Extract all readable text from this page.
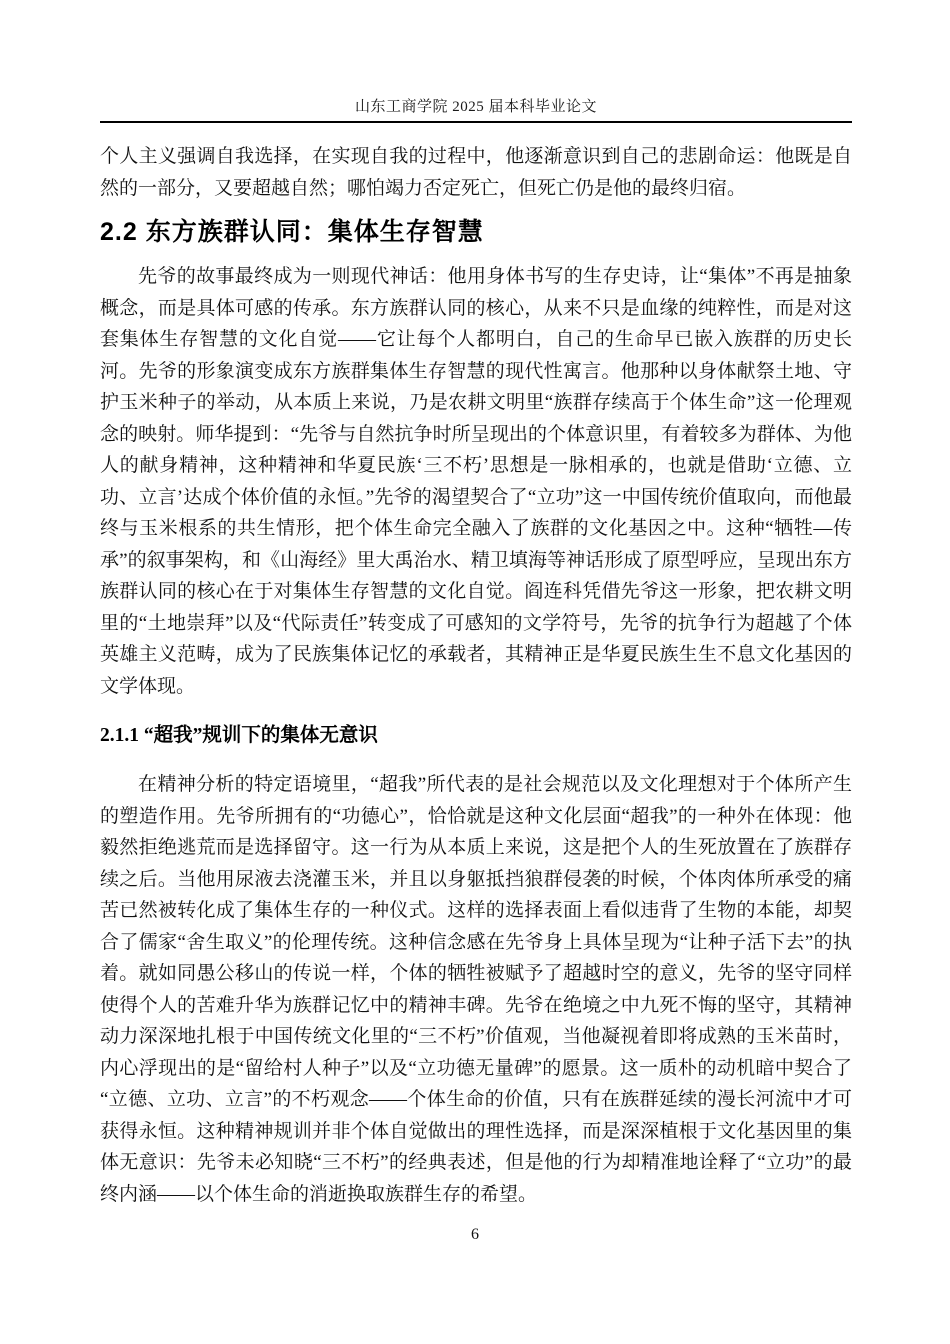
山东工商学院 2025 届本科毕业论文

个人主义强调自我选择，在实现自我的过程中，他逐渐意识到自己的悲剧命运：他既是自然的一部分，又要超越自然；哪怕竭力否定死亡，但死亡仍是他的最终归宿。

2.2 东方族群认同：集体生存智慧

先爷的故事最终成为一则现代神话：他用身体书写的生存史诗，让“集体”不再是抽象概念，而是具体可感的传承。东方族群认同的核心，从来不只是血缘的纯粹性，而是对这套集体生存智慧的文化自觉——它让每个人都明白，自己的生命早已嵌入族群的历史长河。先爷的形象演变成东方族群集体生存智慧的现代性寓言。他那种以身体献祭土地、守护玉米种子的举动，从本质上来说，乃是农耕文明里“族群存续高于个体生命”这一伦理观念的映射。师华提到：“先爷与自然抗争时所呈现出的个体意识里，有着较多为群体、为他人的献身精神，这种精神和华夏民族‘三不朽’思想是一脉相承的，也就是借助‘立德、立功、立言’达成个体价值的永恒。”先爷的渴望契合了“立功”这一中国传统价值取向，而他最终与玉米根系的共生情形，把个体生命完全融入了族群的文化基因之中。这种“牺牲—传承”的叙事架构，和《山海经》里大禹治水、精卫填海等神话形成了原型呼应，呈现出东方族群认同的核心在于对集体生存智慧的文化自觉。阎连科凭借先爷这一形象，把农耕文明里的“土地崇拜”以及“代际责任”转变成了可感知的文学符号，先爷的抗争行为超越了个体英雄主义范畴，成为了民族集体记忆的承载者，其精神正是华夏民族生生不息文化基因的文学体现。

2.1.1 “超我”规训下的集体无意识

在精神分析的特定语境里，“超我”所代表的是社会规范以及文化理想对于个体所产生的塑造作用。先爷所拥有的“功德心”，恰恰就是这种文化层面“超我”的一种外在体现：他毅然拒绝逃荒而是选择留守。这一行为从本质上来说，这是把个人的生死放置在了族群存续之后。当他用尿液去浇灌玉米，并且以身躯抵挡狼群侵袭的时候，个体肉体所承受的痛苦已然被转化成了集体生存的一种仪式。这样的选择表面上看似违背了生物的本能，却契合了儒家“舍生取义”的伦理传统。这种信念感在先爷身上具体呈现为“让种子活下去”的执着。就如同愚公移山的传说一样，个体的牺牲被赋予了超越时空的意义，先爷的坚守同样使得个人的苦难升华为族群记忆中的精神丰碑。先爷在绝境之中九死不悔的坚守，其精神动力深深地扎根于中国传统文化里的“三不朽”价值观，当他凝视着即将成熟的玉米苗时，内心浮现出的是“留给村人种子”以及“立功德无量碑”的愿景。这一质朴的动机暗中契合了“立德、立功、立言”的不朽观念——个体生命的价值，只有在族群延续的漫长河流中才可获得永恒。这种精神规训并非个体自觉做出的理性选择，而是深深植根于文化基因里的集体无意识：先爷未必知晓“三不朽”的经典表述，但是他的行为却精准地诠释了“立功”的最终内涵——以个体生命的消逝换取族群生存的希望。

6
